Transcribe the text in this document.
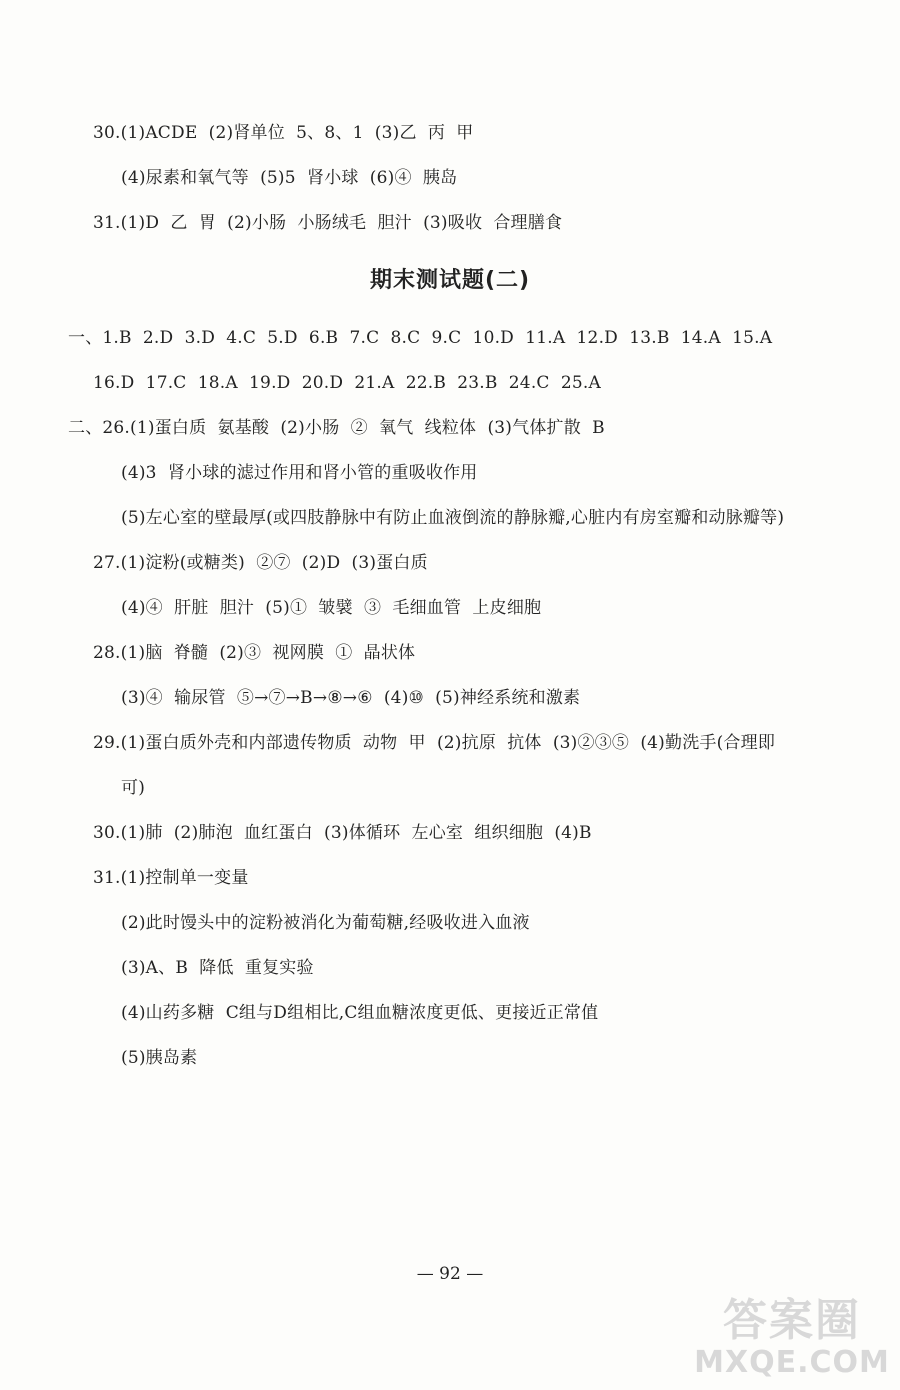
30.(1)ACDE  (2)肾单位  5、8、1  (3)乙  丙  甲
(4)尿素和氧气等  (5)5  肾小球  (6)④  胰岛
31.(1)D  乙  胃  (2)小肠  小肠绒毛  胆汁  (3)吸收  合理膳食
期末测试题(二)
一、1.B  2.D  3.D  4.C  5.D  6.B  7.C  8.C  9.C  10.D  11.A  12.D  13.B  14.A  15.A
16.D  17.C  18.A  19.D  20.D  21.A  22.B  23.B  24.C  25.A
二、26.(1)蛋白质  氨基酸  (2)小肠  ②  氧气  线粒体  (3)气体扩散  B
(4)3  肾小球的滤过作用和肾小管的重吸收作用
(5)左心室的壁最厚(或四肢静脉中有防止血液倒流的静脉瓣,心脏内有房室瓣和动脉瓣等)
27.(1)淀粉(或糖类)  ②⑦  (2)D  (3)蛋白质
(4)④  肝脏  胆汁  (5)①  皱襞  ③  毛细血管  上皮细胞
28.(1)脑  脊髓  (2)③  视网膜  ①  晶状体
(3)④  输尿管  ⑤→⑦→B→⑧→⑥  (4)⑩  (5)神经系统和激素
29.(1)蛋白质外壳和内部遗传物质  动物  甲  (2)抗原  抗体  (3)②③⑤  (4)勤洗手(合理即
可)
30.(1)肺  (2)肺泡  血红蛋白  (3)体循环  左心室  组织细胞  (4)B
31.(1)控制单一变量
(2)此时馒头中的淀粉被消化为葡萄糖,经吸收进入血液
(3)A、B  降低  重复实验
(4)山药多糖  C组与D组相比,C组血糖浓度更低、更接近正常值
(5)胰岛素
— 92 —
答案圈
MXQE.COM
